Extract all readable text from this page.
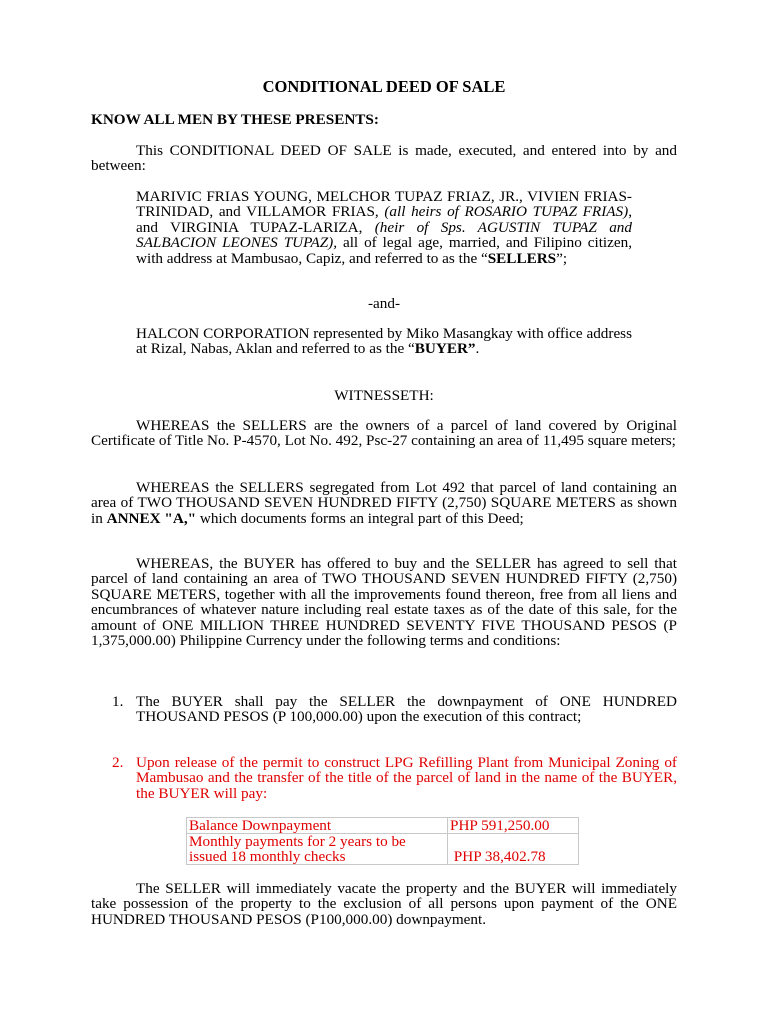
CONDITIONAL DEED OF SALE
KNOW ALL MEN BY THESE PRESENTS:
This CONDITIONAL DEED OF SALE is made, executed, and entered into by and between:
MARIVIC FRIAS YOUNG, MELCHOR TUPAZ FRIAZ, JR., VIVIEN FRIAS-TRINIDAD, and VILLAMOR FRIAS, (all heirs of ROSARIO TUPAZ FRIAS), and VIRGINIA TUPAZ-LARIZA, (heir of Sps. AGUSTIN TUPAZ and SALBACION LEONES TUPAZ), all of legal age, married, and Filipino citizen, with address at Mambusao, Capiz, and referred to as the “SELLERS”;
-and-
HALCON CORPORATION represented by Miko Masangkay with office address at Rizal, Nabas, Aklan and referred to as the “BUYER”.
WITNESSETH:
WHEREAS the SELLERS are the owners of a parcel of land covered by Original Certificate of Title No. P-4570, Lot No. 492, Psc-27 containing an area of 11,495 square meters;
WHEREAS the SELLERS segregated from Lot 492 that parcel of land containing an area of TWO THOUSAND SEVEN HUNDRED FIFTY (2,750) SQUARE METERS as shown in ANNEX "A," which documents forms an integral part of this Deed;
WHEREAS, the BUYER has offered to buy and the SELLER has agreed to sell that parcel of land containing an area of TWO THOUSAND SEVEN HUNDRED FIFTY (2,750) SQUARE METERS, together with all the improvements found thereon, free from all liens and encumbrances of whatever nature including real estate taxes as of the date of this sale, for the amount of ONE MILLION THREE HUNDRED SEVENTY FIVE THOUSAND PESOS (P 1,375,000.00) Philippine Currency under the following terms and conditions:
1. The BUYER shall pay the SELLER the downpayment of ONE HUNDRED THOUSAND PESOS (P 100,000.00) upon the execution of this contract;
2. Upon release of the permit to construct LPG Refilling Plant from Municipal Zoning of Mambusao and the transfer of the title of the parcel of land in the name of the BUYER, the BUYER will pay:
Balance Downpayment	PHP 591,250.00
Monthly payments for 2 years to be issued 18 monthly checks	PHP 38,402.78
The SELLER will immediately vacate the property and the BUYER will immediately take possession of the property to the exclusion of all persons upon payment of the ONE HUNDRED THOUSAND PESOS (P100,000.00) downpayment.
